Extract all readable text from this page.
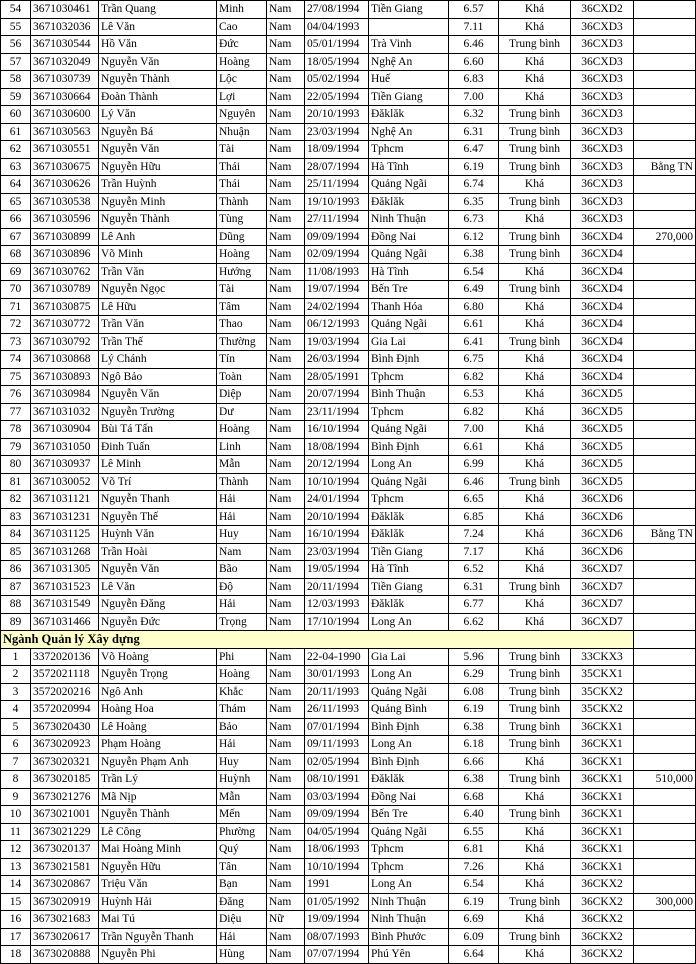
54	3671030461	Trần Quang	Minh	Nam	27/08/1994	Tiền Giang	6.57	Khá	36CXD2	
55	3671032036	Lê Văn	Cao	Nam	04/04/1993		7.11	Khá	36CXD3	
56	3671030544	Hồ Văn	Đức	Nam	05/01/1994	Trà Vinh	6.46	Trung bình	36CXD3	
57	3671032049	Nguyễn Văn	Hoàng	Nam	18/05/1994	Nghệ An	6.60	Khá	36CXD3	
58	3671030739	Nguyễn Thành	Lộc	Nam	05/02/1994	Huế	6.83	Khá	36CXD3	
59	3671030664	Đoàn Thành	Lợi	Nam	22/05/1994	Tiền Giang	7.00	Khá	36CXD3	
60	3671030600	Lý Văn	Nguyên	Nam	20/10/1993	Đăklăk	6.32	Trung bình	36CXD3	
61	3671030563	Nguyễn Bá	Nhuận	Nam	23/03/1994	Nghệ An	6.31	Trung bình	36CXD3	
62	3671030551	Nguyễn Văn	Tài	Nam	18/09/1994	Tphcm	6.47	Trung bình	36CXD3	
63	3671030675	Nguyễn Hữu	Thái	Nam	28/07/1994	Hà Tĩnh	6.19	Trung bình	36CXD3	Bằng TN
64	3671030626	Trần Huỳnh	Thái	Nam	25/11/1994	Quảng Ngãi	6.74	Khá	36CXD3	
65	3671030538	Nguyễn Minh	Thành	Nam	19/10/1993	Đăklăk	6.35	Trung bình	36CXD3	
66	3671030596	Nguyễn Thành	Tùng	Nam	27/11/1994	Ninh Thuận	6.73	Khá	36CXD3	
67	3671030899	Lê Anh	Dũng	Nam	09/09/1994	Đồng Nai	6.12	Trung bình	36CXD4	270,000
68	3671030896	Võ Minh	Hoàng	Nam	02/09/1994	Quảng Ngãi	6.38	Trung bình	36CXD4	
69	3671030762	Trần Văn	Hướng	Nam	11/08/1993	Hà Tĩnh	6.54	Khá	36CXD4	
70	3671030789	Nguyễn Ngọc	Tài	Nam	19/07/1994	Bến Tre	6.49	Trung bình	36CXD4	
71	3671030875	Lê Hữu	Tâm	Nam	24/02/1994	Thanh Hóa	6.80	Khá	36CXD4	
72	3671030772	Trần Văn	Thao	Nam	06/12/1993	Quảng Ngãi	6.61	Khá	36CXD4	
73	3671030792	Trần Thế	Thường	Nam	19/03/1994	Gia Lai	6.41	Trung bình	36CXD4	
74	3671030868	Lý Chánh	Tín	Nam	26/03/1994	Bình Định	6.75	Khá	36CXD4	
75	3671030893	Ngô Bảo	Toàn	Nam	28/05/1991	Tphcm	6.82	Khá	36CXD4	
76	3671030984	Nguyễn Văn	Diệp	Nam	20/07/1994	Bình Thuận	6.53	Khá	36CXD5	
77	3671031032	Nguyễn Trường	Dư	Nam	23/11/1994	Tphcm	6.82	Khá	36CXD5	
78	3671030904	Bùi Tá Tấn	Hoàng	Nam	16/10/1994	Quảng Ngãi	7.00	Khá	36CXD5	
79	3671031050	Đinh Tuấn	Linh	Nam	18/08/1994	Bình Định	6.61	Khá	36CXD5	
80	3671030937	Lê Minh	Mẫn	Nam	20/12/1994	Long An	6.99	Khá	36CXD5	
81	3671030052	Võ Trí	Thành	Nam	10/10/1994	Quảng Ngãi	6.46	Trung bình	36CXD5	
82	3671031121	Nguyễn Thanh	Hải	Nam	24/01/1994	Tphcm	6.65	Khá	36CXD6	
83	3671031231	Nguyễn Thế	Hải	Nam	20/10/1994	Đăklăk	6.85	Khá	36CXD6	
84	3671031125	Huỳnh Văn	Huy	Nam	16/10/1994	Đăklăk	7.24	Khá	36CXD6	Bằng TN
85	3671031268	Trần Hoài	Nam	Nam	23/03/1994	Tiền Giang	7.17	Khá	36CXD6	
86	3671031305	Nguyễn Văn	Bão	Nam	19/05/1994	Hà Tĩnh	6.52	Khá	36CXD7	
87	3671031523	Lê Văn	Độ	Nam	20/11/1994	Tiền Giang	6.31	Trung bình	36CXD7	
88	3671031549	Nguyễn Đăng	Hải	Nam	12/03/1993	Đăklăk	6.77	Khá	36CXD7	
89	3671031466	Nguyễn Đức	Trọng	Nam	17/10/1994	Long An	6.62	Khá	36CXD7	
Ngành Quản lý Xây dựng										
1	3372020136	Võ Hoàng	Phi	Nam	22-04-1990	Gia Lai	5.96	Trung bình	33CKX3	
2	3572021118	Nguyễn Trọng	Hoàng	Nam	30/01/1993	Long An	6.29	Trung bình	35CKX1	
3	3572020216	Ngô Anh	Khắc	Nam	20/11/1993	Quảng Ngãi	6.08	Trung bình	35CKX2	
4	3572020994	Hoàng Hoa	Thám	Nam	26/11/1993	Quảng Bình	6.19	Trung bình	35CKX2	
5	3673020430	Lê Hoàng	Bảo	Nam	07/01/1994	Bình Định	6.38	Trung bình	36CKX1	
6	3673020923	Phạm Hoàng	Hải	Nam	09/11/1993	Long An	6.18	Trung bình	36CKX1	
7	3673020321	Nguyễn Phạm Anh	Huy	Nam	02/05/1994	Bình Định	6.66	Khá	36CKX1	
8	3673020185	Trần Lý	Huỳnh	Nam	08/10/1991	Đăklăk	6.38	Trung bình	36CKX1	510,000
9	3673021276	Mã Nịp	Mẫn	Nam	03/03/1994	Đồng Nai	6.68	Khá	36CKX1	
10	3673021001	Nguyễn Thành	Mến	Nam	09/09/1994	Bến Tre	6.40	Trung bình	36CKX1	
11	3673021229	Lê Công	Phường	Nam	04/05/1994	Quảng Ngãi	6.55	Khá	36CKX1	
12	3673020137	Mai Hoàng Minh	Quý	Nam	18/06/1993	Tphcm	6.81	Khá	36CKX1	
13	3673021581	Nguyễn Hữu	Tân	Nam	10/10/1994	Tphcm	7.26	Khá	36CKX1	
14	3673020867	Triệu Văn	Bạn	Nam	1991	Long An	6.54	Khá	36CKX2	
15	3673020919	Huỳnh Hải	Đăng	Nam	01/05/1992	Ninh Thuận	6.19	Trung bình	36CKX2	300,000
16	3673021683	Mai Tú	Diệu	Nữ	19/09/1994	Ninh Thuận	6.69	Khá	36CKX2	
17	3673020617	Trần Nguyễn Thanh	Hải	Nam	08/07/1993	Bình Phước	6.09	Trung bình	36CKX2	
18	3673020888	Nguyễn Phi	Hùng	Nam	07/07/1994	Phú Yên	6.64	Khá	36CKX2	
